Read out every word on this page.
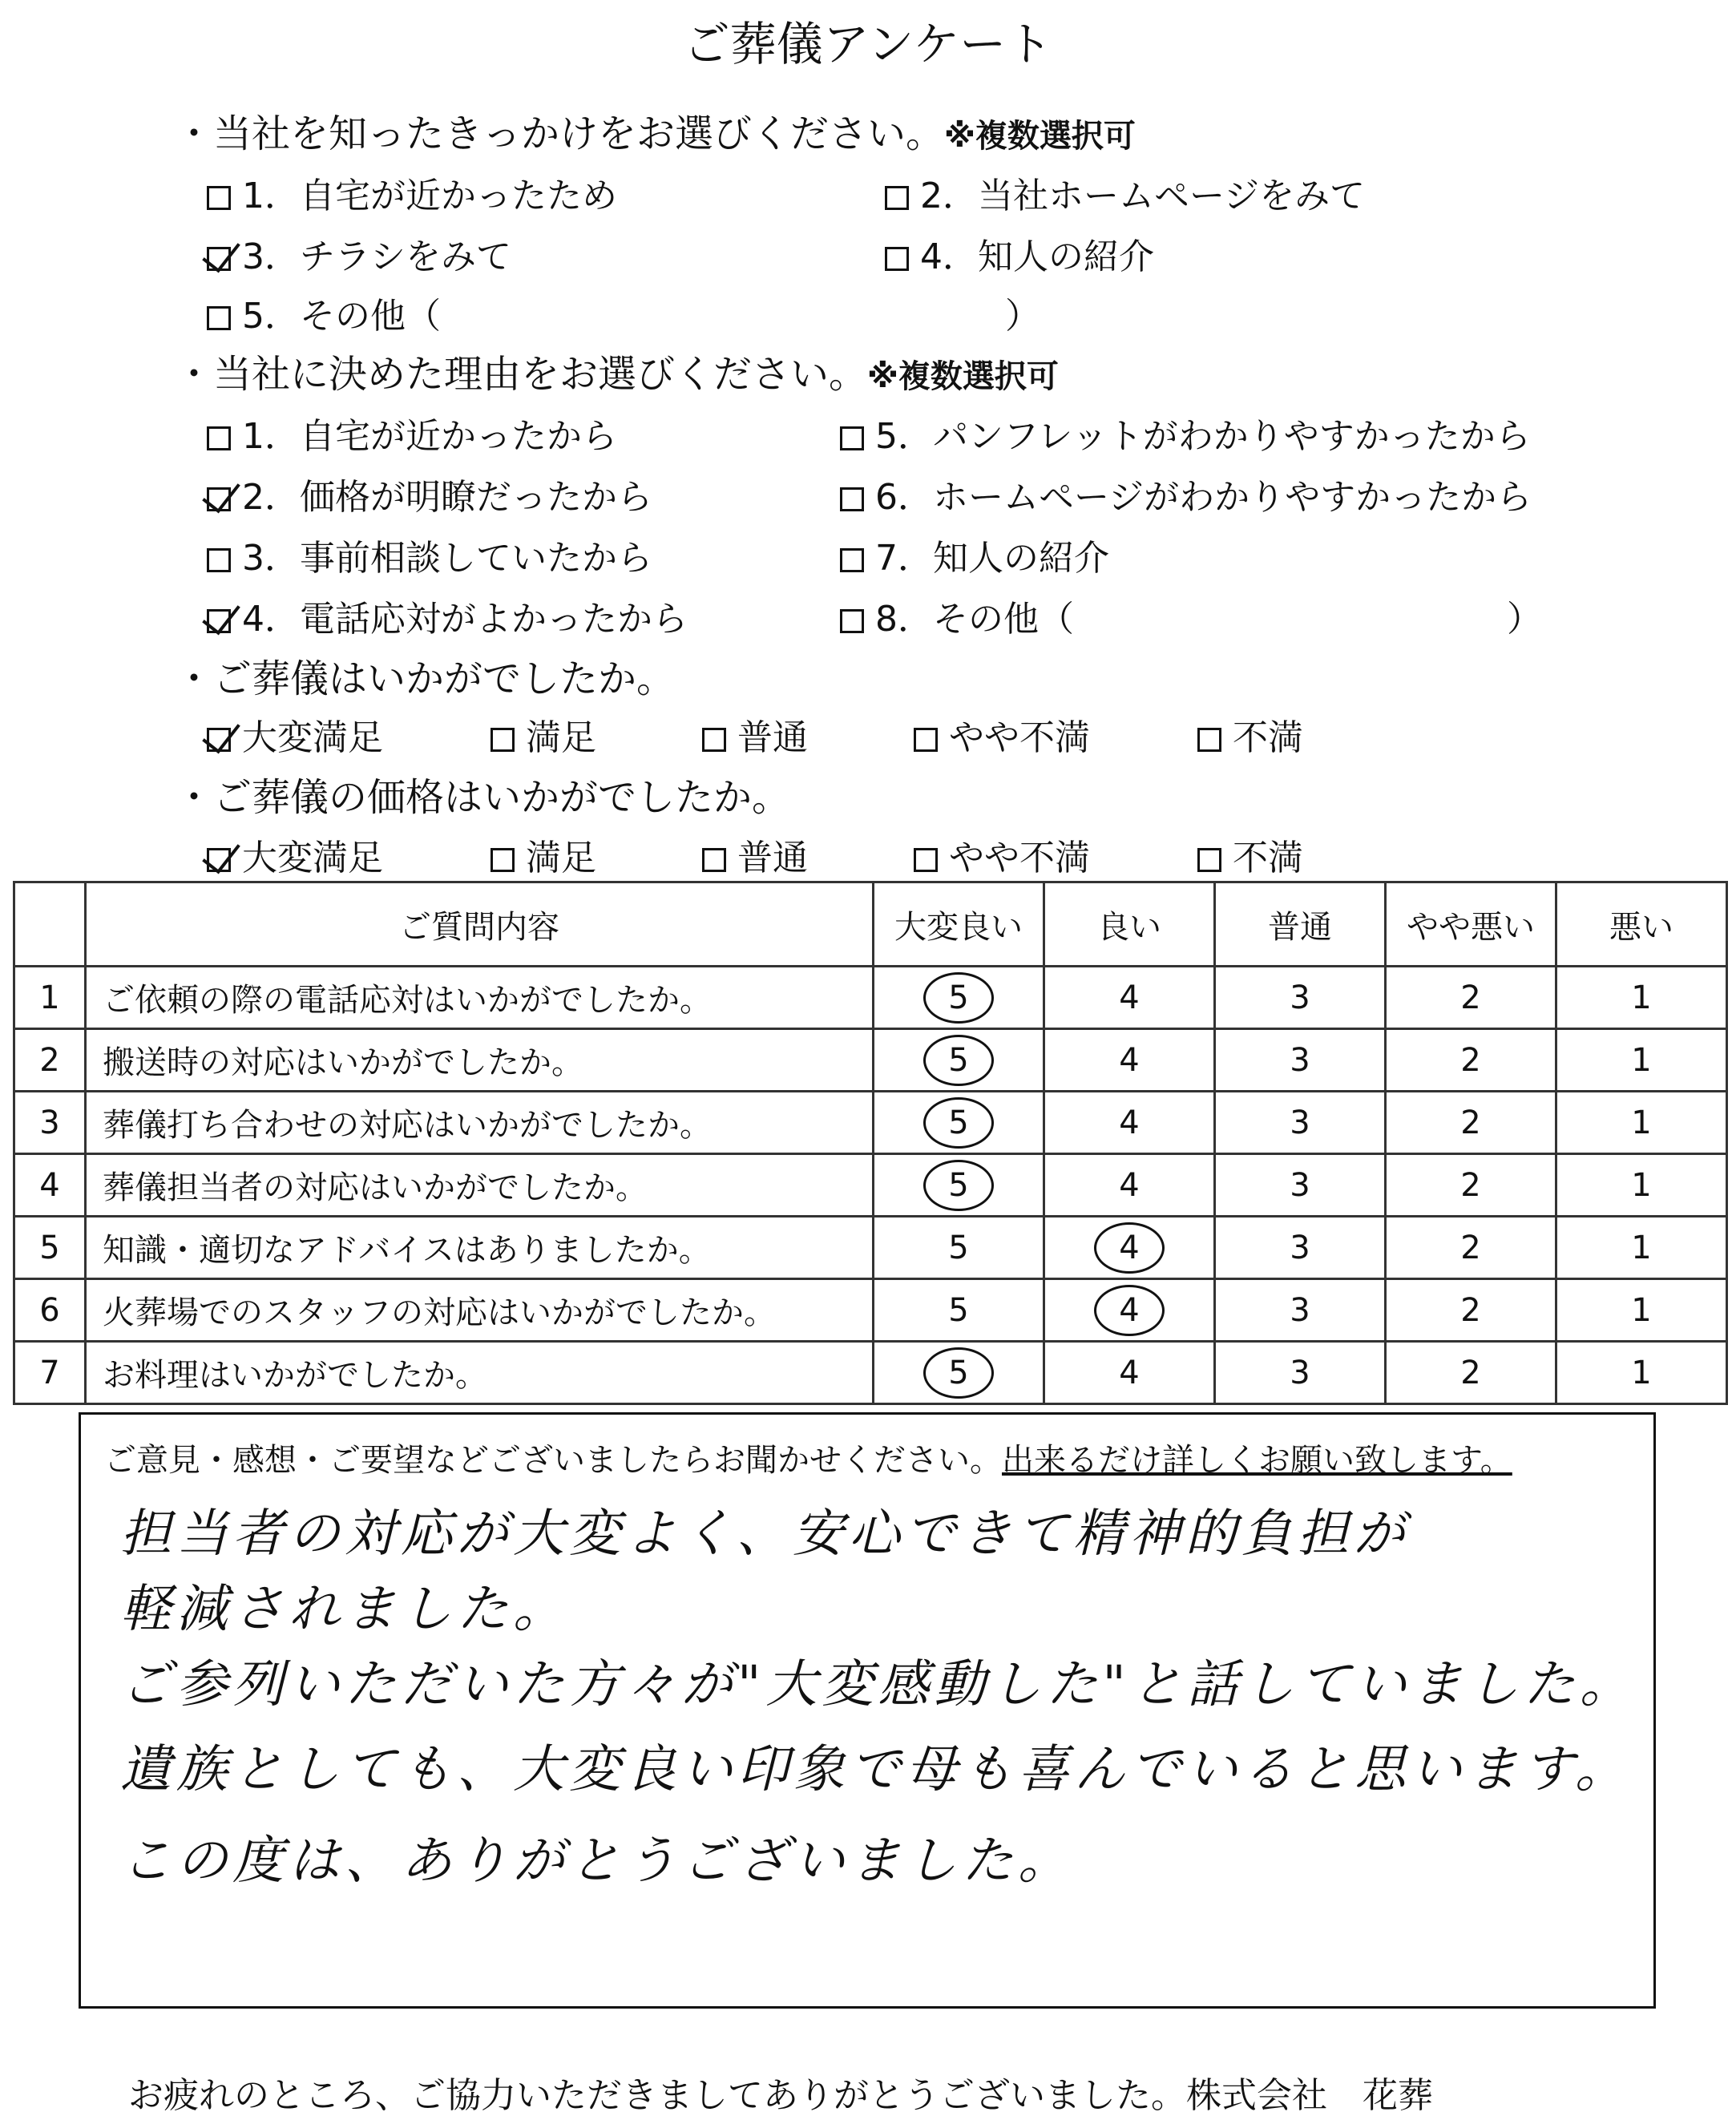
ご葬儀アンケート
・当社を知ったきっかけをお選びください。※複数選択可
1．自宅が近かったため	2．当社ホームページをみて
3．チラシをみて	4．知人の紹介
5．その他（	）
・当社に決めた理由をお選びください。※複数選択可
1．自宅が近かったから
2．価格が明瞭だったから
3．事前相談していたから
4．電話応対がよかったから
5．パンフレットがわかりやすかったから
6．ホームページがわかりやすかったから
7．知人の紹介
8．その他（	）
・ご葬儀はいかがでしたか。
大変満足	満足	普通	やや不満	不満
・ご葬儀の価格はいかがでしたか。
大変満足	満足	普通	やや不満	不満
	ご質問内容	大変良い	良い	普通	やや悪い	悪い
1	ご依頼の際の電話応対はいかがでしたか。	5	4	3	2	1
2	搬送時の対応はいかがでしたか。	5	4	3	2	1
3	葬儀打ち合わせの対応はいかがでしたか。	5	4	3	2	1
4	葬儀担当者の対応はいかがでしたか。	5	4	3	2	1
5	知識・適切なアドバイスはありましたか。	5	4	3	2	1
6	火葬場でのスタッフの対応はいかがでしたか。	5	4	3	2	1
7	お料理はいかがでしたか。	5	4	3	2	1
ご意見・感想・ご要望などございましたらお聞かせください。出来るだけ詳しくお願い致します。
担当者の対応が大変よく、安心できて精神的負担が
軽減されました。
ご参列いただいた方々が"大変感動した"と話していました。
遺族としても、大変良い印象で母も喜んでいると思います。
この度は、ありがとうございました。
お疲れのところ、ご協力いただきましてありがとうございました。株式会社　花葬
